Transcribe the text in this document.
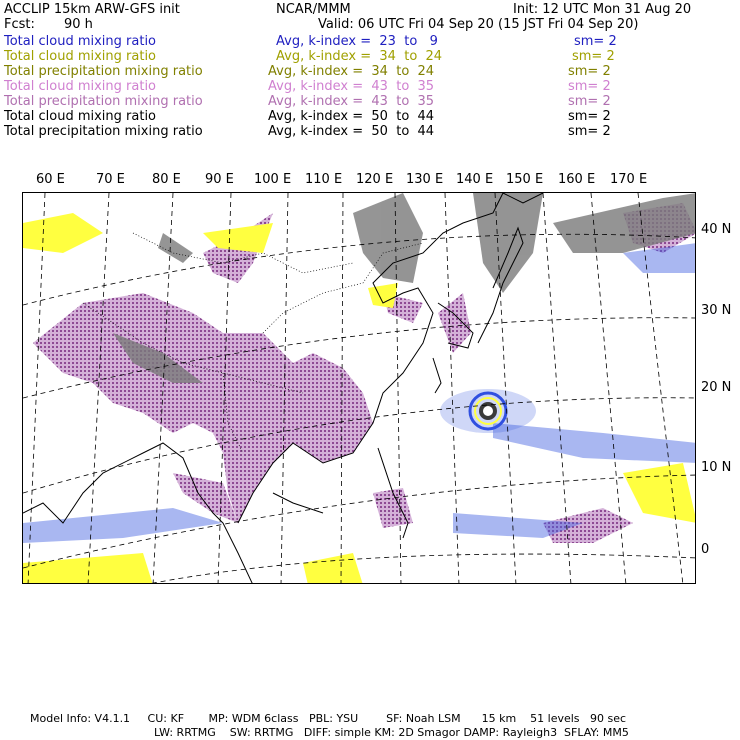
ACCLIP 15km ARW-GFS init	NCAR/MMM	Init: 12 UTC Mon 31 Aug 20
Fcst: 90 h	Valid: 06 UTC Fri 04 Sep 20 (15 JST Fri 04 Sep 20)
Total cloud mixing ratio	Avg, k-index =  23  to   9	sm= 2
Total cloud mixing ratio	Avg, k-index =  34  to  24	sm= 2
Total precipitation mixing ratio	Avg, k-index =  34  to  24	sm= 2
Total cloud mixing ratio	Avg, k-index =  43  to  35	sm= 2
Total precipitation mixing ratio	Avg, k-index =  43  to  35	sm= 2
Total cloud mixing ratio	Avg, k-index =  50  to  44	sm= 2
Total precipitation mixing ratio	Avg, k-index =  50  to  44	sm= 2
60 E 70 E 80 E 90 E 100 E 110 E 120 E 130 E 140 E 150 E 160 E 170 E
40 N
30 N
20 N
10 N
0
Model Info: V4.1.1     CU: KF       MP: WDM 6class   PBL: YSU        SF: Noah LSM      15 km    51 levels   90 sec
LW: RRTMG    SW: RRTMG   DIFF: simple KM: 2D Smagor DAMP: Rayleigh3  SFLAY: MM5
